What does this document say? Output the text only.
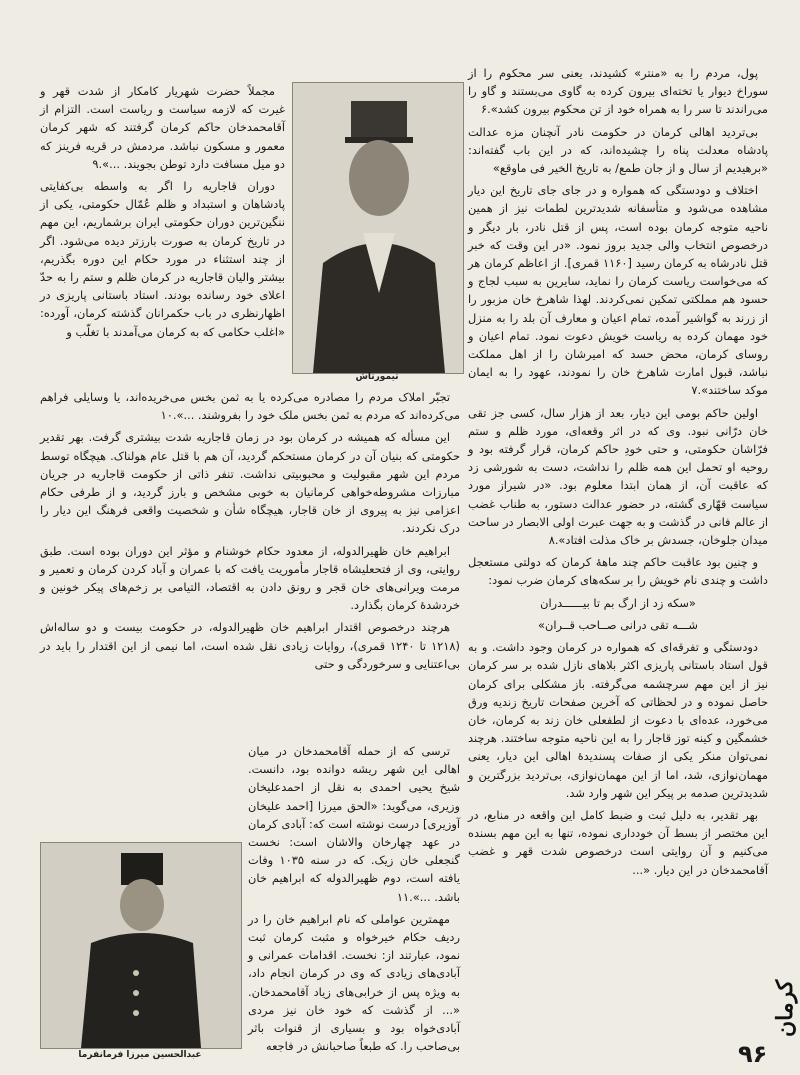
پول، مردم را به «منتر» کشیدند، یعنی سر محکوم را از سوراخ دیوار یا تخته‌ای بیرون کرده به گاوی می‌بستند و گاو را می‌راندند تا سر را به همراه خود از تن محکوم بیرون کشد».۶

بی‌تردید اهالی کرمان در حکومت نادر آنچنان مزه عدالت پادشاه معدلت پناه را چشیده‌اند، که در این باب گفته‌اند: «برهیدیم از سال و از جان طمع/ به تاریخ الخیر فی ماوقع»

اختلاف و دودستگی که همواره و در جای جای تاریخ این دیار مشاهده می‌شود و متأسفانه شدیدترین لطمات نیز از همین ناحیه متوجه کرمان بوده است، پس از قتل نادر، بار دیگر و درخصوص انتخاب والی جدید بروز نمود. «در این وقت که خبر قتل نادرشاه به کرمان رسید [۱۱۶۰ قمری]. از اعاظم کرمان هر که می‌خواست ریاست کرمان را نماید، سایرین به سبب لجاج و حسود هم مملکتی تمکین نمی‌کردند. لهذا شاهرخ خان مزبور را از زرند به گواشیر آمده، تمام اعیان و معارف آن بلد را به منزل خود مهمان کرده به ریاست خویش دعوت نمود. تمام اعیان و روسای کرمان، محض حسد که امیرشان را از اهل مملکت نباشد، قبول امارت شاهرخ خان را نمودند، عهود را به ایمان موکد ساختند».۷

اولین حاکم بومی این دیار، بعد از هزار سال، کسی جز تقی خان درّانی نبود. وی که در اثر وقعه‌ای، مورد ظلم و ستم فرّاشان حکومتی، و حتی خودِ حاکم کرمان، قرار گرفته بود و روحیه او تحمل این همه ظلم را نداشت، دست به شورشی زد که عاقبت آن، از همان ابتدا معلوم بود. «در شیراز مورد سیاست قهّاری گشته، در حضور عدالت دستور، به طناب غضب از عالم فانی در گذشت و به جهت عبرت اولی الابصار در ساحت میدان جلوخان، جسدش بر خاک مذلت افتاد».۸

و چنین بود عاقبت حاکم چند ماههٔ کرمان که دولتی مستعجل داشت و چندی نام خویش را بر سکه‌های کرمان ضرب نمود:

«سکه زد از ارگ بم تا بیــــــدران

شـــه تقی درانی صــاحب قــران»

دودستگی و تفرقه‌ای که همواره در کرمان وجود داشت. و به قول استاد باستانی پاریزی اکثر بلاهای نازل شده بر سر کرمان نیز از این مهم سرچشمه می‌گرفته. باز مشکلی برای کرمان حاصل نموده و در لحظاتی که آخرین صفحات تاریخ زندیه ورق می‌خورد، عده‌ای با دعوت از لطفعلی خان زند به کرمان، خان خشمگین و کینه توز قاجار را به این ناحیه متوجه ساختند. هرچند نمی‌توان منکر یکی از صفات پسندیدهٔ اهالی این دیار، یعنی مهمان‌نوازی، شد، اما از این مهمان‌نوازی، بی‌تردید بزرگترین و شدیدترین صدمه بر پیکر این شهر وارد شد.

بهر تقدیر، به دلیل ثبت و ضبط کامل این واقعه در منابع، در این مختصر از بسط آن خودداری نموده، تنها به این مهم بسنده می‌کنیم و آن روایتی است درخصوص شدت قهر و غضب آقامحمدخان در این دیار. «...

مجملاً حضرت شهریار کامکار از شدت قهر و غیرت که لازمه سیاست و ریاست است. التزام از آقامحمدخان حاکم کرمان گرفتند که شهر کرمان معمور و مسکون نباشد. مردمش در قریه فرینز که دو میل مسافت دارد توطن بجویند. ...».۹

دوران قاجاریه را اگر به واسطه بی‌کفایتی پادشاهان و استبداد و ظلم عُمّال حکومتی، یکی از ننگین‌ترین دوران حکومتی ایران برشماریم، این مهم در تاریخ کرمان به صورت بارزتر دیده می‌شود. اگر از چند استثناء در مورد حکام این دوره بگذریم، بیشتر والیان قاجاریه در کرمان ظلم و ستم را به حدّ اعلای خود رسانده بودند. استاد باستانی پاریزی در اظهارنظری در باب حکمرانان گذشته کرمان، آورده: «اغلب حکامی که به کرمان می‌آمدند با تغلّب و

تیمورتاش

تجبّر املاک مردم را مصادره می‌کرده یا به ثمن بخس می‌خریده‌اند، یا وسایلی فراهم می‌کرده‌اند که مردم به ثمن بخس ملک خود را بفروشند. ...».۱۰

این مسأله که همیشه در کرمان بود در زمان قاجاریه شدت بیشتری گرفت. بهر تقدیر حکومتی که بنیان آن در کرمان مستحکم گردید، آن هم با قتل عام هولناک. هیچگاه توسط مردم این شهر مقبولیت و محبوبیتی نداشت. تنفر ذاتی از حکومت قاجاریه در جریان مبارزات مشروطه‌خواهی کرمانیان به خوبی مشخص و بارز گردید، و از طرفی حکام اعزامی نیز به پیروی از خان قاجار، هیچگاه شأن و شخصیت واقعی فرهنگ این دیار را درک نکردند.

ابراهیم خان ظهیرالدوله، از معدود حکام خوشنام و مؤثر این دوران بوده است. طبق روایتی، وی از فتحعلیشاه قاجار مأموریت یافت که با عمران و آباد کردن کرمان و تعمیر و مرمت ویرانی‌های خان قجر و رونق دادن به اقتصاد، التیامی بر زخم‌های پیکر خونین و خردشدهٔ کرمان بگذارد.

هرچند درخصوص اقتدار ابراهیم خان ظهیرالدوله، در حکومت بیست و دو ساله‌اش (۱۲۱۸ تا ۱۲۴۰ قمری)، روایات زیادی نقل شده است، اما نیمی از این اقتدار را باید در بی‌اعتنایی و سرخوردگی و حتی

ترسی که از حمله آقامحمدخان در میان اهالی این شهر ریشه دوانده بود، دانست. شیخ یحیی احمدی به نقل از احمدعلیخان وزیری، می‌گوید: «الحق میرزا [احمد علیخان آوزیری] درست نوشته است که: آبادی کرمان در عهد چهارخان والاشان است: نخست گنجعلی خان زیک. که در سنه ۱۰۳۵ وفات یافته است، دوم ظهیرالدوله که ابراهیم خان باشد. ...».۱۱

مهمترین عواملی که نام ابراهیم خان را در ردیف حکام خیرخواه و مثبت کرمان ثبت نمود، عبارتند از: نخست. اقدامات عمرانی و آبادی‌های زیادی که وی در کرمان انجام داد، به ویژه پس از خرابی‌های زیاد آقامحمدخان. «... از گذشت که خود خان نیز مردی آبادی‌خواه بود و بسیاری از قنوات باثر بی‌صاحب را. که طبعاً صاحبانش در فاجعه

عبدالحسین میرزا فرمانفرما
کرمان
۹۶
